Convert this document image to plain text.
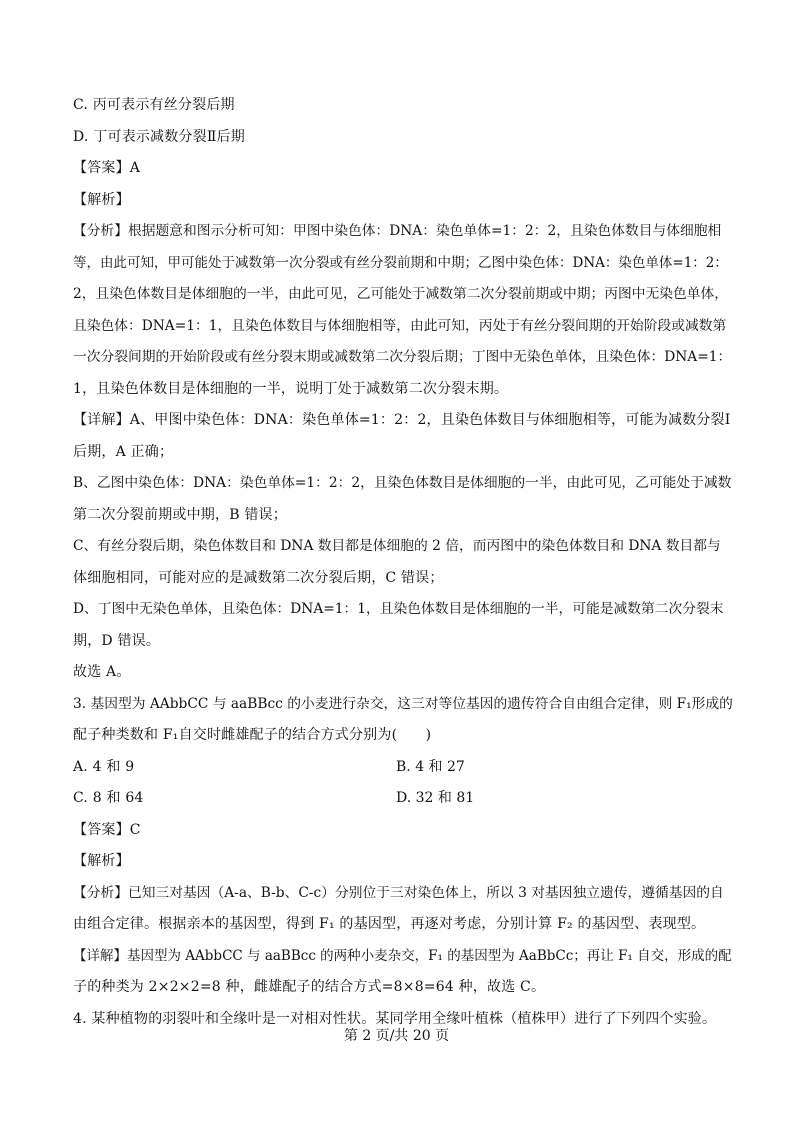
C. 丙可表示有丝分裂后期
D. 丁可表示减数分裂Ⅱ后期
【答案】A
【解析】
【分析】根据题意和图示分析可知：甲图中染色体：DNA：染色单体=1：2：2，且染色体数目与体细胞相
等，由此可知，甲可能处于减数第一次分裂或有丝分裂前期和中期；乙图中染色体：DNA：染色单体=1：2：
2，且染色体数目是体细胞的一半，由此可见，乙可能处于减数第二次分裂前期或中期；丙图中无染色单体，
且染色体：DNA=1：1，且染色体数目与体细胞相等，由此可知，丙处于有丝分裂间期的开始阶段或减数第
一次分裂间期的开始阶段或有丝分裂末期或减数第二次分裂后期；丁图中无染色单体，且染色体：DNA=1：
1，且染色体数目是体细胞的一半，说明丁处于减数第二次分裂末期。
【详解】A、甲图中染色体：DNA：染色单体=1：2：2，且染色体数目与体细胞相等，可能为减数分裂Ⅰ
后期，A 正确；
B、乙图中染色体：DNA：染色单体=1：2：2，且染色体数目是体细胞的一半，由此可见，乙可能处于减数
第二次分裂前期或中期，B 错误；
C、有丝分裂后期，染色体数目和 DNA 数目都是体细胞的 2 倍，而丙图中的染色体数目和 DNA 数目都与
体细胞相同，可能对应的是减数第二次分裂后期，C 错误；
D、丁图中无染色单体，且染色体：DNA=1：1，且染色体数目是体细胞的一半，可能是减数第二次分裂末
期，D 错误。
故选 A。
3. 基因型为 AAbbCC 与 aaBBcc 的小麦进行杂交，这三对等位基因的遗传符合自由组合定律，则 F₁形成的
配子种类数和 F₁自交时雌雄配子的结合方式分别为(　　)
A. 4 和 9	B. 4 和 27
C. 8 和 64	D. 32 和 81
【答案】C
【解析】
【分析】已知三对基因（A-a、B-b、C-c）分别位于三对染色体上，所以 3 对基因独立遗传，遵循基因的自
由组合定律。根据亲本的基因型，得到 F₁ 的基因型，再逐对考虑，分别计算 F₂ 的基因型、表现型。
【详解】基因型为 AAbbCC 与 aaBBcc 的两种小麦杂交，F₁ 的基因型为 AaBbCc；再让 F₁ 自交，形成的配
子的种类为 2×2×2=8 种，雌雄配子的结合方式=8×8=64 种，故选 C。
4. 某种植物的羽裂叶和全缘叶是一对相对性状。某同学用全缘叶植株（植株甲）进行了下列四个实验。
第 2 页/共 20 页
